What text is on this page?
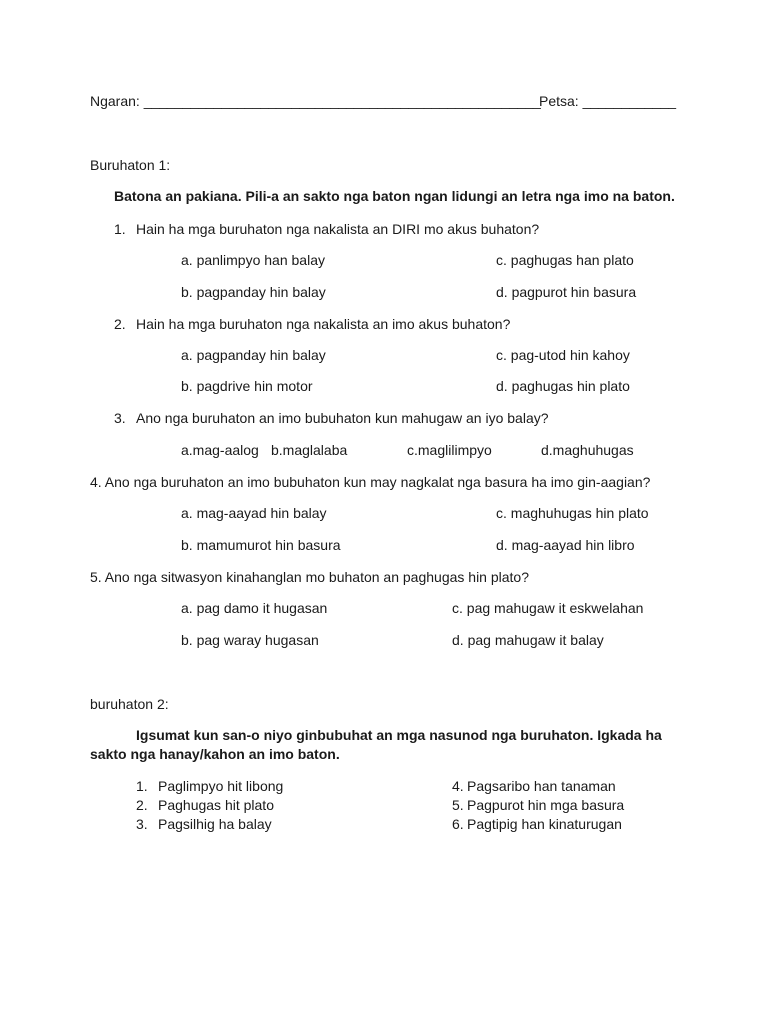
Ngaran: ___________________________________________________
Petsa: ____________
Buruhaton 1:
Batona an pakiana. Pili-a an sakto nga baton ngan lidungi an letra nga imo na baton.
1. Hain ha mga buruhaton nga nakalista an DIRI mo akus buhaton?
a. panlimpyo han balay	c. paghugas han plato
b. pagpanday hin balay	d. pagpurot hin basura
2. Hain ha mga buruhaton nga nakalista an imo akus buhaton?
a. pagpanday hin balay	c. pag-utod hin kahoy
b. pagdrive hin motor	d. paghugas hin plato
3. Ano nga buruhaton an imo bubuhaton kun mahugaw an iyo balay?
a.mag-aalog b.maglalaba	c.maglilimpyo	d.maghuhugas
4. Ano nga buruhaton an imo bubuhaton kun may nagkalat nga basura ha imo gin-aagian?
a. mag-aayad hin balay	c. maghuhugas hin plato
b. mamumurot hin basura	d. mag-aayad hin libro
5. Ano nga sitwasyon kinahanglan mo buhaton an paghugas hin plato?
a. pag damo it hugasan	c. pag mahugaw it eskwelahan
b. pag waray hugasan	d. pag mahugaw it balay
buruhaton 2:
Igsumat kun san-o niyo ginbubuhat an mga nasunod nga buruhaton. Igkada ha
sakto nga hanay/kahon an imo baton.
1. Paglimpyo hit libong
2. Paghugas hit plato
3. Pagsilhig ha balay
4. Pagsaribo han tanaman
5. Pagpurot hin mga basura
6. Pagtipig han kinaturugan
